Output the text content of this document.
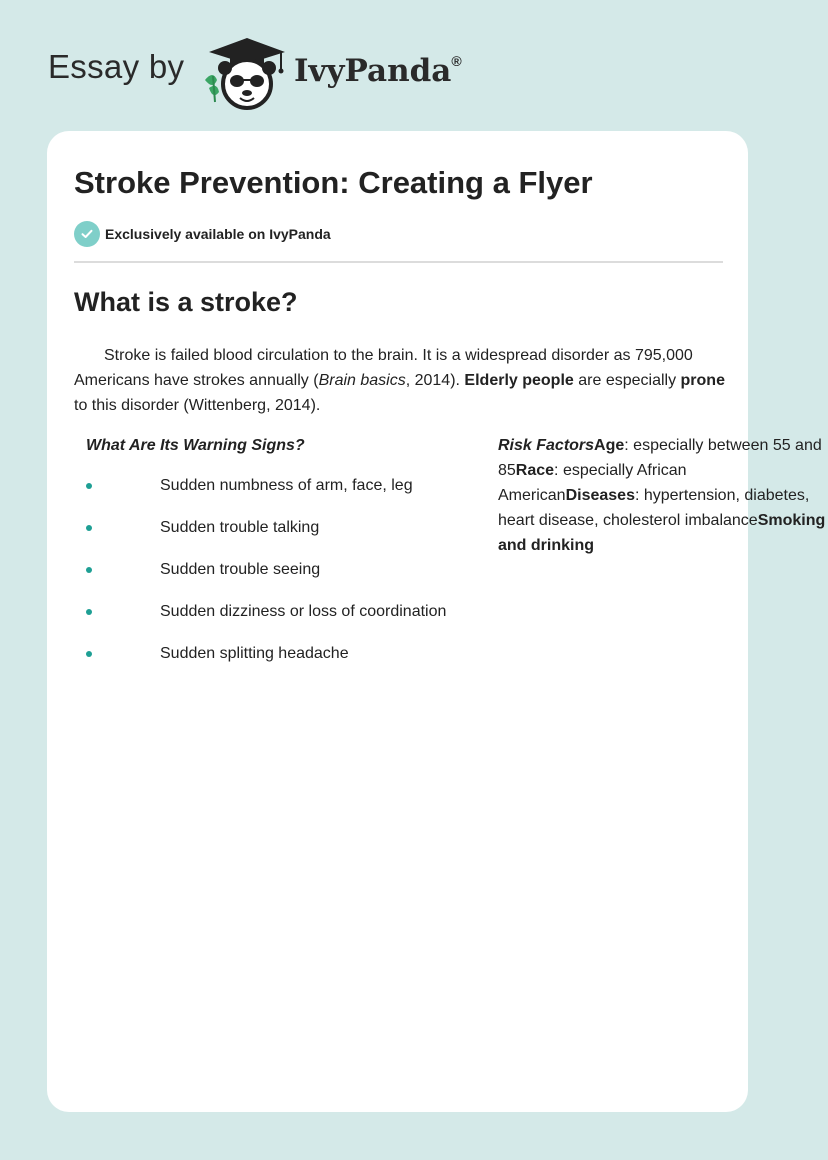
Essay by	IvyPanda®
Stroke Prevention: Creating a Flyer
Exclusively available on IvyPanda
What is a stroke?

Stroke is failed blood circulation to the brain. It is a widespread disorder as 795,000 Americans have strokes annually (Brain basics, 2014). Elderly people are especially prone to this disorder (Wittenberg, 2014).

What Are Its Warning Signs?

Sudden numbness of arm, face, leg
Sudden trouble talking
Sudden trouble seeing
Sudden dizziness or loss of coordination
Sudden splitting headache
Risk FactorsAge: especially between 55 and 85Race: especially African AmericanDiseases: hypertension, diabetes, heart disease, cholesterol imbalanceSmoking and drinking
